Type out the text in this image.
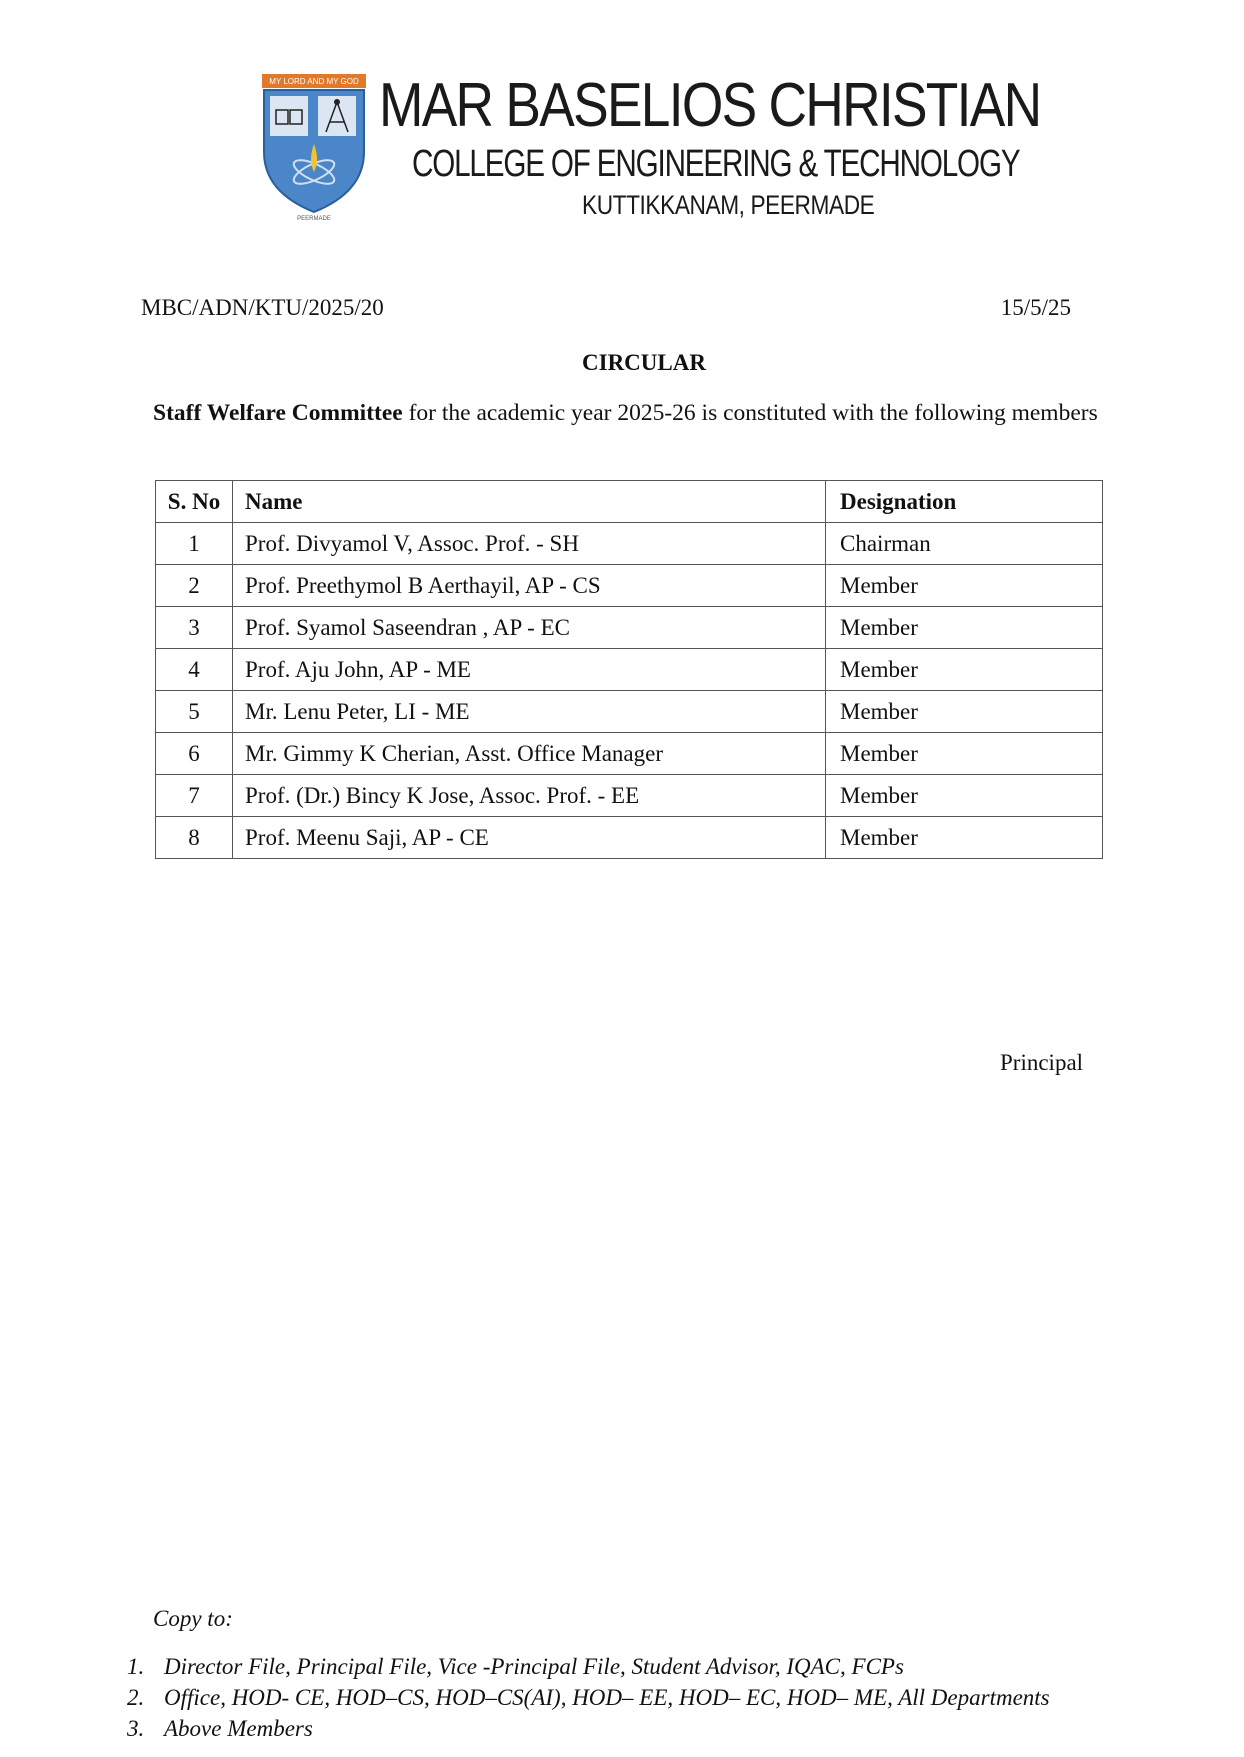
MY LORD AND MY GOD
PEERMADE
MAR BASELIOS CHRISTIAN
COLLEGE OF ENGINEERING & TECHNOLOGY
KUTTIKKANAM, PEERMADE
MBC/ADN/KTU/2025/20	15/5/25
CIRCULAR
Staff Welfare Committee for the academic year 2025-26 is constituted with the following members
S. No	Name	Designation
1	Prof. Divyamol V, Assoc. Prof. - SH	Chairman
2	Prof. Preethymol B Aerthayil, AP - CS	Member
3	Prof. Syamol Saseendran , AP - EC	Member
4	Prof. Aju John, AP - ME	Member
5	Mr. Lenu Peter, LI - ME	Member
6	Mr. Gimmy K Cherian, Asst. Office Manager	Member
7	Prof. (Dr.) Bincy K Jose, Assoc. Prof. - EE	Member
8	Prof. Meenu Saji, AP - CE	Member
Principal
Copy to:
1. Director File, Principal File, Vice -Principal File, Student Advisor, IQAC, FCPs
2. Office, HOD- CE, HOD–CS, HOD–CS(AI), HOD– EE, HOD– EC, HOD– ME, All Departments
3. Above Members
